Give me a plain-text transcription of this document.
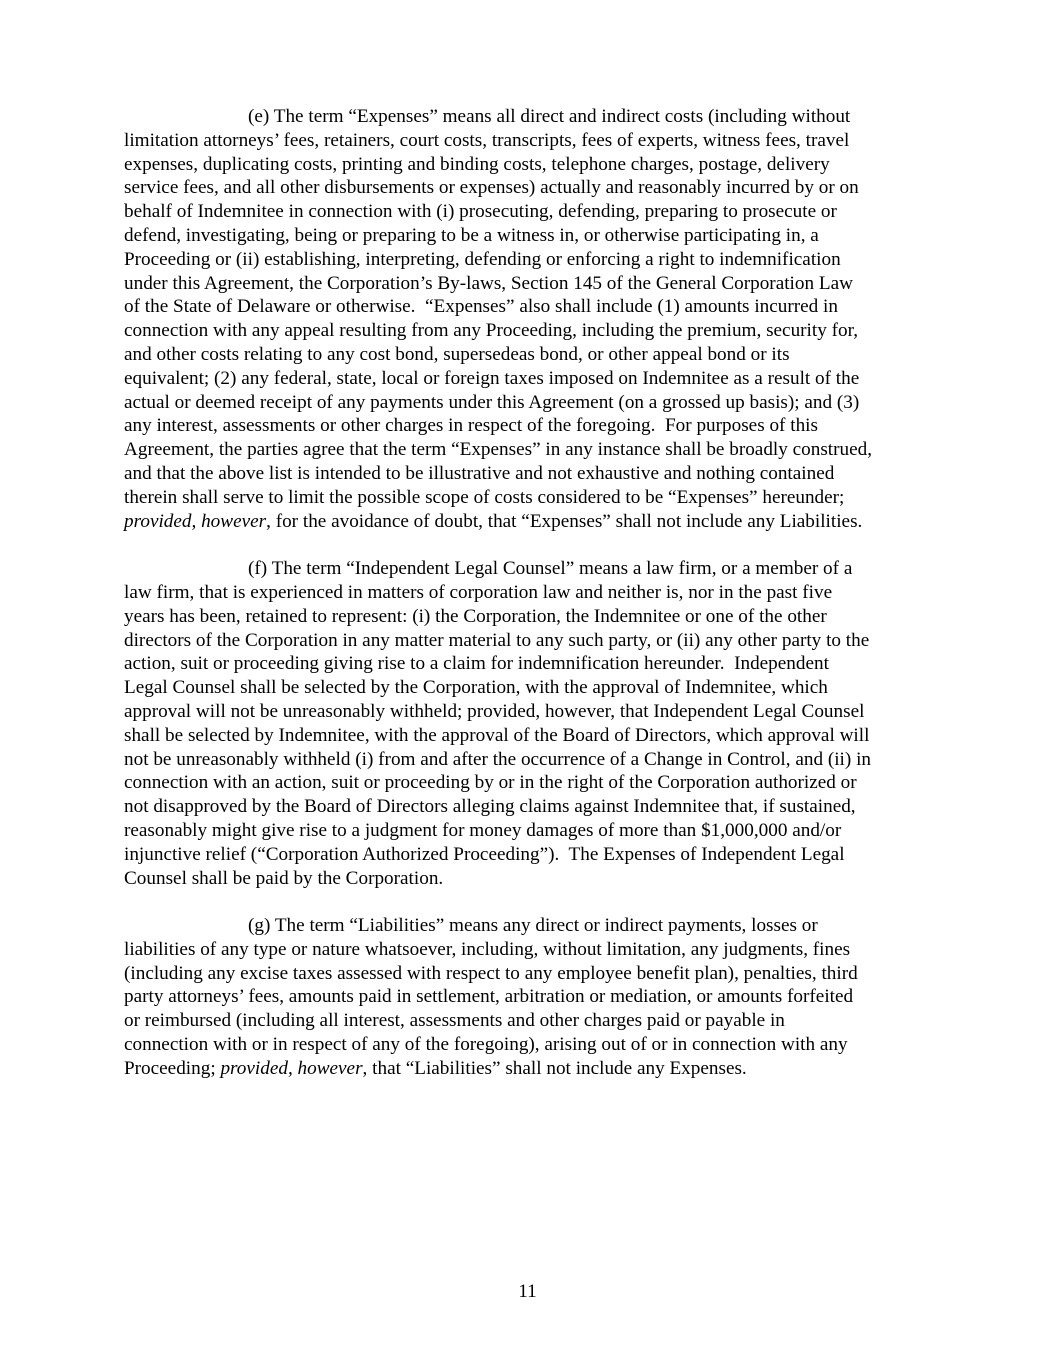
(e) The term “Expenses” means all direct and indirect costs (including without
limitation attorneys’ fees, retainers, court costs, transcripts, fees of experts, witness fees, travel
expenses, duplicating costs, printing and binding costs, telephone charges, postage, delivery
service fees, and all other disbursements or expenses) actually and reasonably incurred by or on
behalf of Indemnitee in connection with (i) prosecuting, defending, preparing to prosecute or
defend, investigating, being or preparing to be a witness in, or otherwise participating in, a
Proceeding or (ii) establishing, interpreting, defending or enforcing a right to indemnification
under this Agreement, the Corporation’s By-laws, Section 145 of the General Corporation Law
of the State of Delaware or otherwise.  “Expenses” also shall include (1) amounts incurred in
connection with any appeal resulting from any Proceeding, including the premium, security for,
and other costs relating to any cost bond, supersedeas bond, or other appeal bond or its
equivalent; (2) any federal, state, local or foreign taxes imposed on Indemnitee as a result of the
actual or deemed receipt of any payments under this Agreement (on a grossed up basis); and (3)
any interest, assessments or other charges in respect of the foregoing.  For purposes of this
Agreement, the parties agree that the term “Expenses” in any instance shall be broadly construed,
and that the above list is intended to be illustrative and not exhaustive and nothing contained
therein shall serve to limit the possible scope of costs considered to be “Expenses” hereunder;
provided, however, for the avoidance of doubt, that “Expenses” shall not include any Liabilities.

(f) The term “Independent Legal Counsel” means a law firm, or a member of a
law firm, that is experienced in matters of corporation law and neither is, nor in the past five
years has been, retained to represent: (i) the Corporation, the Indemnitee or one of the other
directors of the Corporation in any matter material to any such party, or (ii) any other party to the
action, suit or proceeding giving rise to a claim for indemnification hereunder.  Independent
Legal Counsel shall be selected by the Corporation, with the approval of Indemnitee, which
approval will not be unreasonably withheld; provided, however, that Independent Legal Counsel
shall be selected by Indemnitee, with the approval of the Board of Directors, which approval will
not be unreasonably withheld (i) from and after the occurrence of a Change in Control, and (ii) in
connection with an action, suit or proceeding by or in the right of the Corporation authorized or
not disapproved by the Board of Directors alleging claims against Indemnitee that, if sustained,
reasonably might give rise to a judgment for money damages of more than $1,000,000 and/or
injunctive relief (“Corporation Authorized Proceeding”).  The Expenses of Independent Legal
Counsel shall be paid by the Corporation.

(g) The term “Liabilities” means any direct or indirect payments, losses or
liabilities of any type or nature whatsoever, including, without limitation, any judgments, fines
(including any excise taxes assessed with respect to any employee benefit plan), penalties, third
party attorneys’ fees, amounts paid in settlement, arbitration or mediation, or amounts forfeited
or reimbursed (including all interest, assessments and other charges paid or payable in
connection with or in respect of any of the foregoing), arising out of or in connection with any
Proceeding; provided, however, that “Liabilities” shall not include any Expenses.

11
